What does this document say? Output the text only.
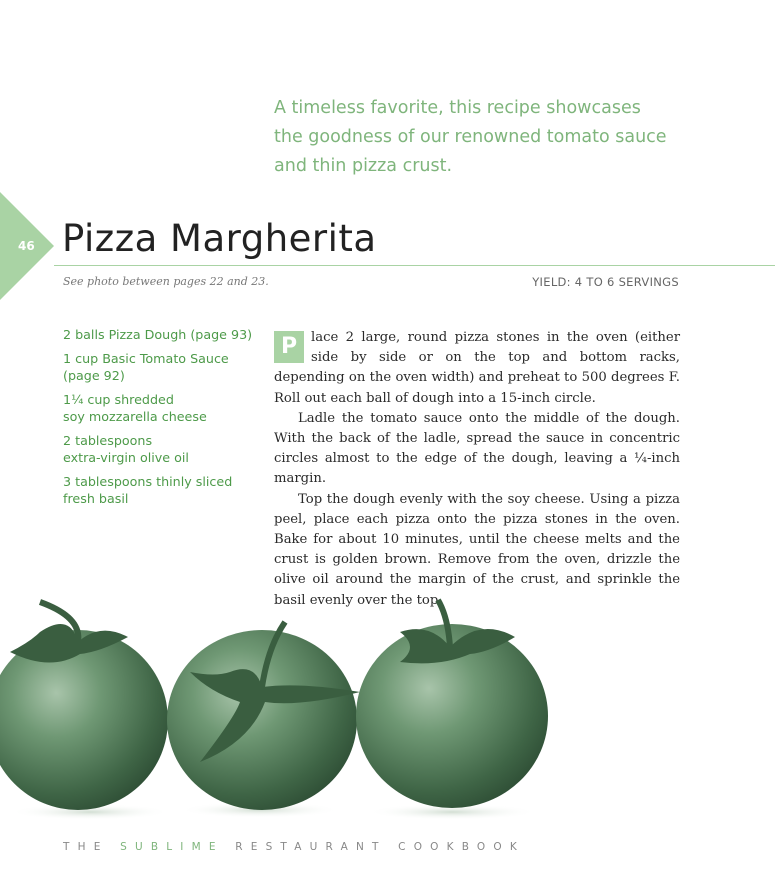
A timeless favorite, this recipe showcases
the goodness of our renowned tomato sauce
and thin pizza crust.
46 Pizza Margherita
See photo between pages 22 and 23.	YIELD: 4 TO 6 SERVINGS
2 balls Pizza Dough (page 93)
1 cup Basic Tomato Sauce
(page 92)
1¼ cup shredded
soy mozzarella cheese
2 tablespoons
extra-virgin olive oil
3 tablespoons thinly sliced
fresh basil

P	lace 2 large, round pizza stones in the oven (either side by side or on the top and bottom racks, depending on the oven width) and preheat to 500 degrees F. Roll out each ball of dough into a 15-inch circle.

Ladle the tomato sauce onto the middle of the dough. With the back of the ladle, spread the sauce in concentric circles almost to the edge of the dough, leaving a ¼-inch margin.

Top the dough evenly with the soy cheese. Using a pizza peel, place each pizza onto the pizza stones in the oven. Bake for about 10 minutes, until the cheese melts and the crust is golden brown. Remove from the oven, drizzle the olive oil around the margin of the crust, and sprinkle the basil evenly over the top.

THE SUBLIME RESTAURANT COOKBOOK
